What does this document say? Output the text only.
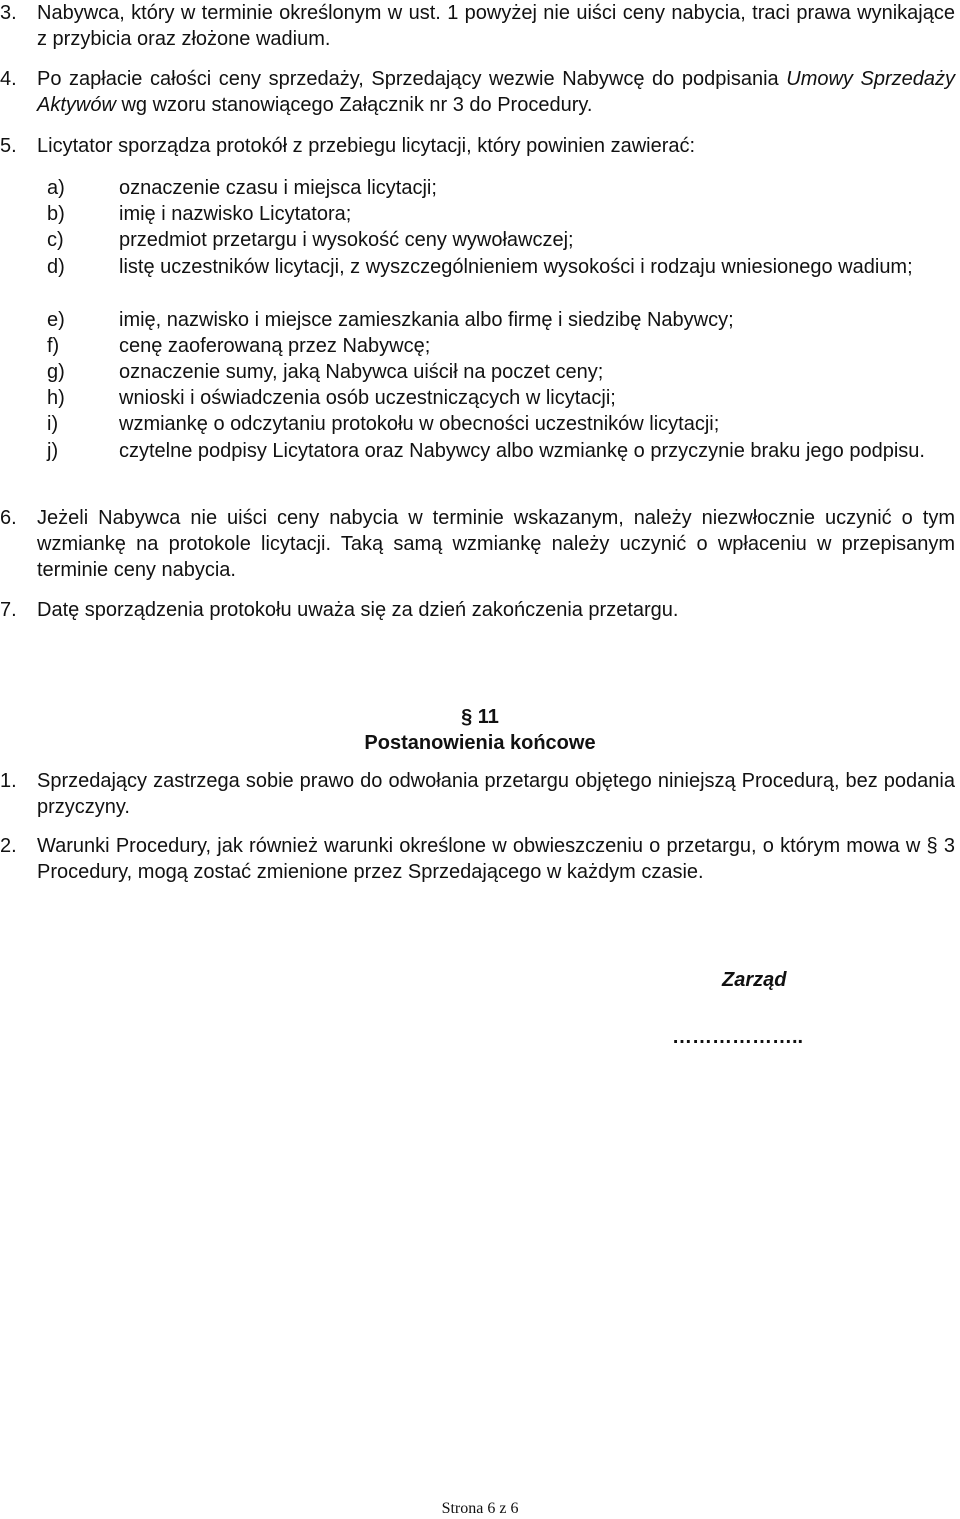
3. Nabywca, który w terminie określonym w ust. 1 powyżej nie uiści ceny nabycia, traci prawa wynikające z przybicia oraz złożone wadium.
4. Po zapłacie całości ceny sprzedaży, Sprzedający wezwie Nabywcę do podpisania Umowy Sprzedaży Aktywów wg wzoru stanowiącego Załącznik nr 3 do Procedury.
5. Licytator sporządza protokół z przebiegu licytacji, który powinien zawierać:
a)	oznaczenie czasu i miejsca licytacji;
b)	imię i nazwisko Licytatora;
c)	przedmiot przetargu i wysokość ceny wywoławczej;
d)	listę uczestników licytacji, z wyszczególnieniem wysokości i rodzaju wniesionego wadium;
e)	imię, nazwisko i miejsce zamieszkania albo firmę i siedzibę Nabywcy;
f)	cenę zaoferowaną przez Nabywcę;
g)	oznaczenie sumy, jaką Nabywca uiścił na poczet ceny;
h)	wnioski i oświadczenia osób uczestniczących w licytacji;
i)	wzmiankę o odczytaniu protokołu w obecności uczestników licytacji;
j)	czytelne podpisy Licytatora oraz Nabywcy albo wzmiankę o przyczynie braku jego podpisu.
6. Jeżeli Nabywca nie uiści ceny nabycia w terminie wskazanym, należy niezwłocznie uczynić o tym wzmiankę na protokole licytacji. Taką samą wzmiankę należy uczynić o wpłaceniu w przepisanym terminie ceny nabycia.
7. Datę sporządzenia protokołu uważa się za dzień zakończenia przetargu.
§ 11
Postanowienia końcowe
1. Sprzedający zastrzega sobie prawo do odwołania przetargu objętego niniejszą Procedurą, bez podania przyczyny.
2. Warunki Procedury, jak również warunki określone w obwieszczeniu o przetargu, o którym mowa w § 3 Procedury, mogą zostać zmienione przez Sprzedającego w każdym czasie.
Zarząd
………………..
Strona 6 z 6
